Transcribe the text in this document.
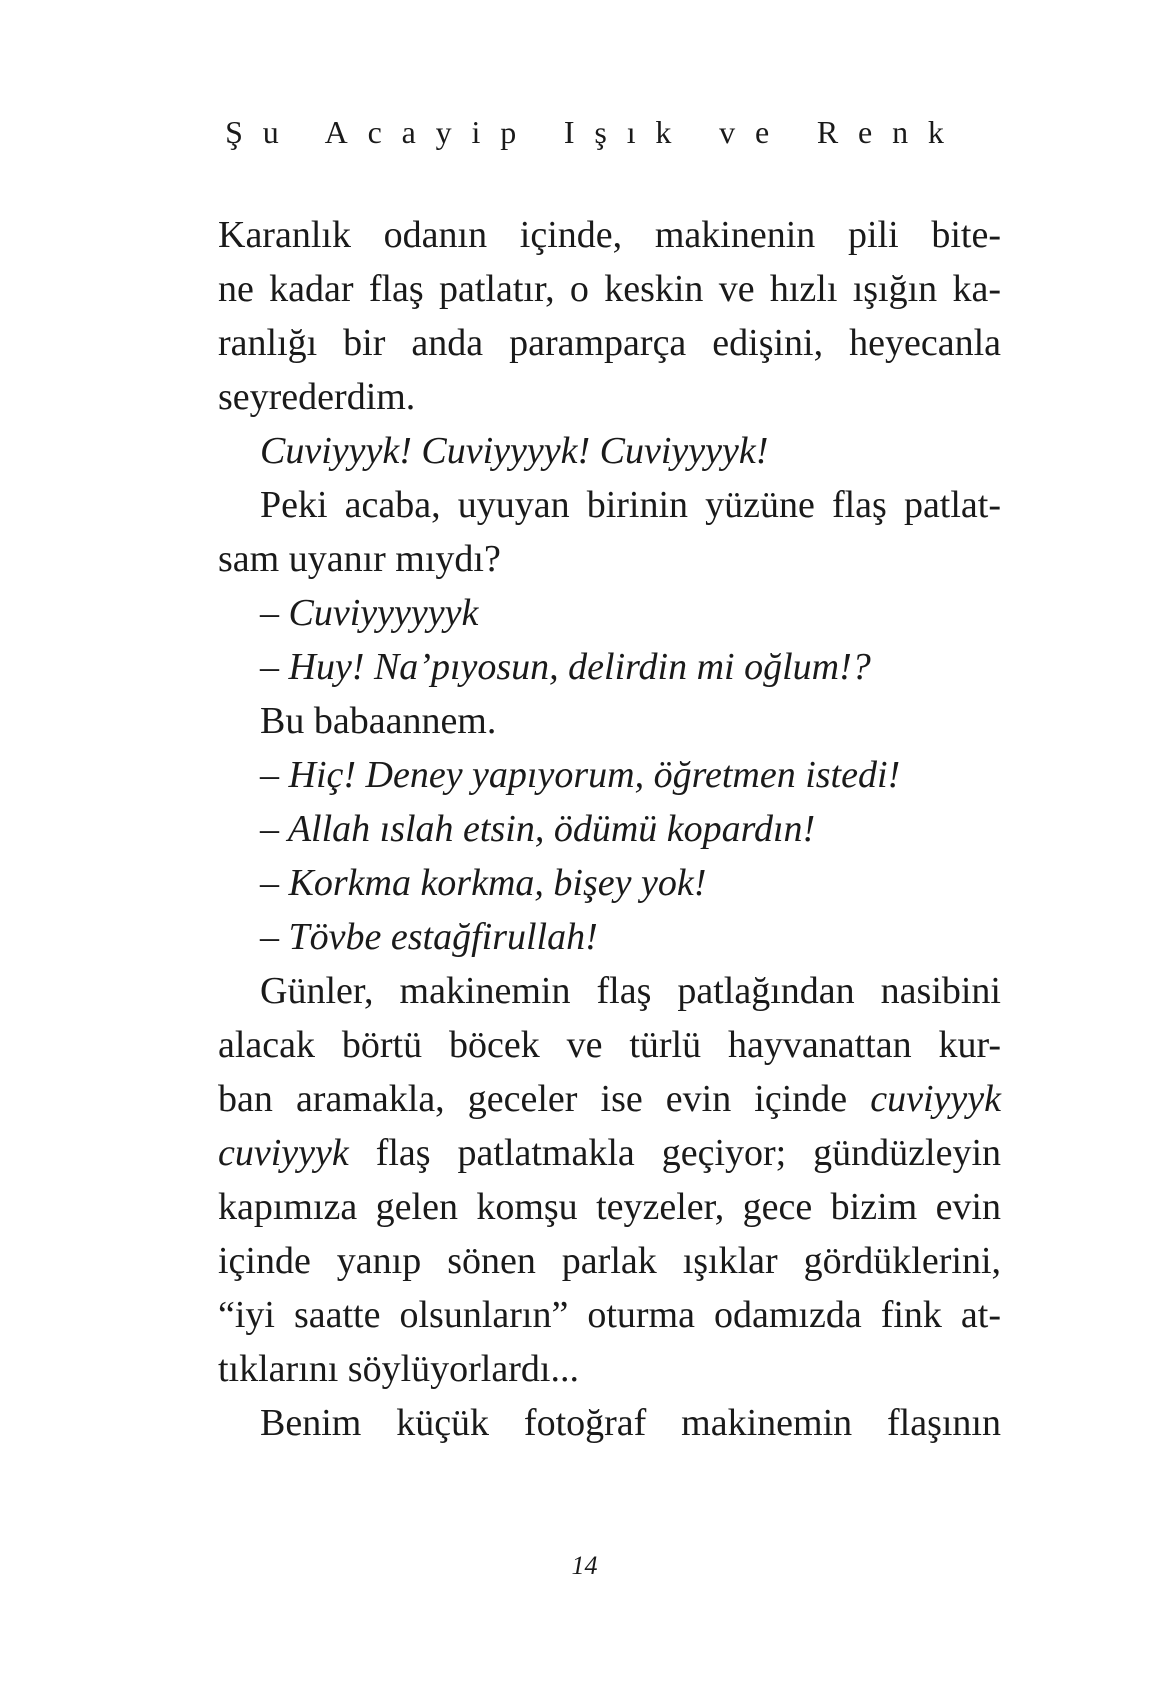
Şu Acayip Işık ve Renk
Karanlık odanın içinde, makinenin pili bite-
ne kadar flaş patlatır, o keskin ve hızlı ışığın ka-
ranlığı bir anda paramparça edişini, heyecanla
seyrederdim.
Cuviyyyk! Cuviyyyyk! Cuviyyyyk!
Peki acaba, uyuyan birinin yüzüne flaş patlat-
sam uyanır mıydı?
– Cuviyyyyyyk
– Huy! Na’pıyosun, delirdin mi oğlum!?
Bu babaannem.
– Hiç! Deney yapıyorum, öğretmen istedi!
– Allah ıslah etsin, ödümü kopardın!
– Korkma korkma, bişey yok!
– Tövbe estağfirullah!
Günler, makinemin flaş patlağından nasibini
alacak börtü böcek ve türlü hayvanattan kur-
ban aramakla, geceler ise evin içinde cuviyyyk
cuviyyyk flaş patlatmakla geçiyor; gündüzleyin
kapımıza gelen komşu teyzeler, gece bizim evin
içinde yanıp sönen parlak ışıklar gördüklerini,
“iyi saatte olsunların” oturma odamızda fink at-
tıklarını söylüyorlardı...
Benim küçük fotoğraf makinemin flaşının
14
